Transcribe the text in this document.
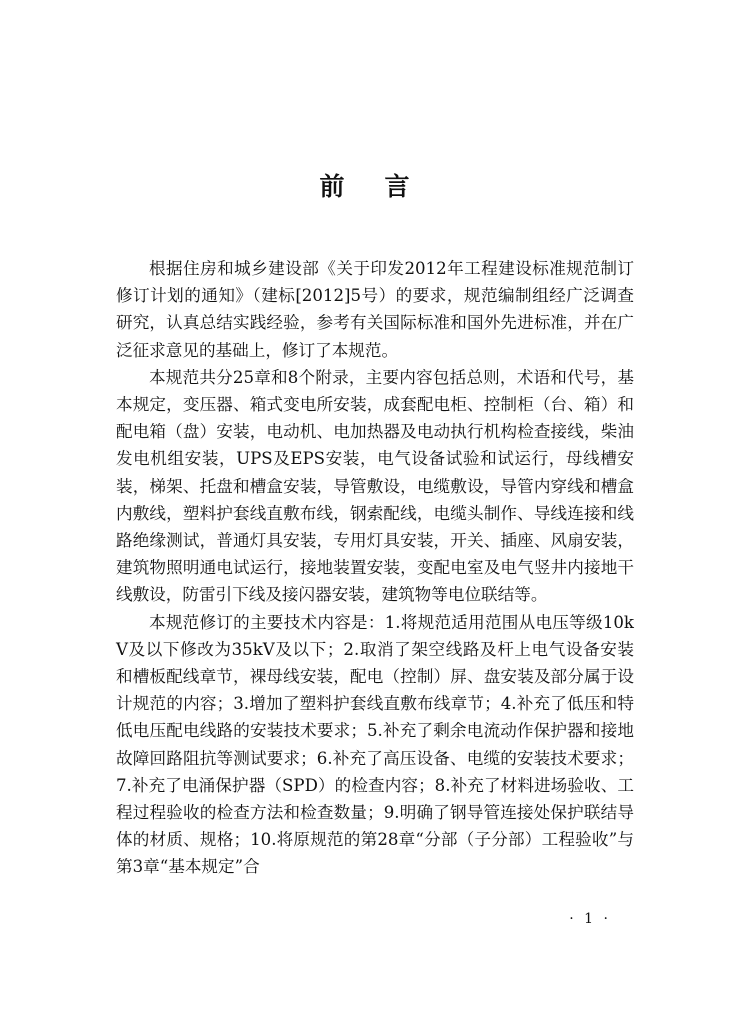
前言

根据住房和城乡建设部《关于印发2012年工程建设标准规范制订修订计划的通知》（建标[2012]5号）的要求，规范编制组经广泛调查研究，认真总结实践经验，参考有关国际标准和国外先进标准，并在广泛征求意见的基础上，修订了本规范。

本规范共分25章和8个附录，主要内容包括总则，术语和代号，基本规定，变压器、箱式变电所安装，成套配电柜、控制柜（台、箱）和配电箱（盘）安装，电动机、电加热器及电动执行机构检查接线，柴油发电机组安装，UPS及EPS安装，电气设备试验和试运行，母线槽安装，梯架、托盘和槽盒安装，导管敷设，电缆敷设，导管内穿线和槽盒内敷线，塑料护套线直敷布线，钢索配线，电缆头制作、导线连接和线路绝缘测试，普通灯具安装，专用灯具安装，开关、插座、风扇安装，建筑物照明通电试运行，接地装置安装，变配电室及电气竖井内接地干线敷设，防雷引下线及接闪器安装，建筑物等电位联结等。

本规范修订的主要技术内容是：1.将规范适用范围从电压等级10kV及以下修改为35kV及以下；2.取消了架空线路及杆上电气设备安装和槽板配线章节，裸母线安装，配电（控制）屏、盘安装及部分属于设计规范的内容；3.增加了塑料护套线直敷布线章节；4.补充了低压和特低电压配电线路的安装技术要求；5.补充了剩余电流动作保护器和接地故障回路阻抗等测试要求；6.补充了高压设备、电缆的安装技术要求；7.补充了电涌保护器（SPD）的检查内容；8.补充了材料进场验收、工程过程验收的检查方法和检查数量；9.明确了钢导管连接处保护联结导体的材质、规格；10.将原规范的第28章“分部（子分部）工程验收”与第3章“基本规定”合

· 1 ·
